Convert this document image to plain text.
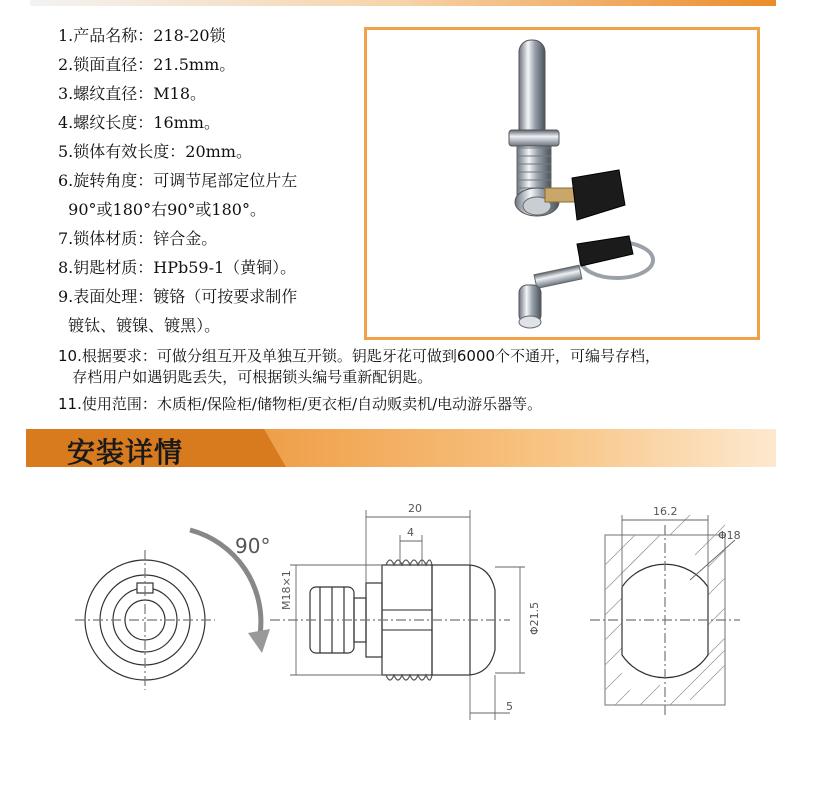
1.产品名称：218-20锁
2.锁面直径：21.5mm。
3.螺纹直径：M18。
4.螺纹长度：16mm。
5.锁体有效长度：20mm。
6.旋转角度：可调节尾部定位片左
90°或180°右90°或180°。
7.锁体材质：锌合金。
8.钥匙材质：HPb59-1（黄铜）。
9.表面处理：镀铬（可按要求制作
镀钛、镀镍、镀黑）。
10.根据要求：可做分组互开及单独互开锁。钥匙牙花可做到6000个不通开，可编号存档，
存档用户如遇钥匙丢失，可根据锁头编号重新配钥匙。
11.使用范围：木质柜/保险柜/储物柜/更衣柜/自动贩卖机/电动游乐器等。
安装详情
90°
20
4
M18×1
Φ21.5
5
16.2
Φ18
